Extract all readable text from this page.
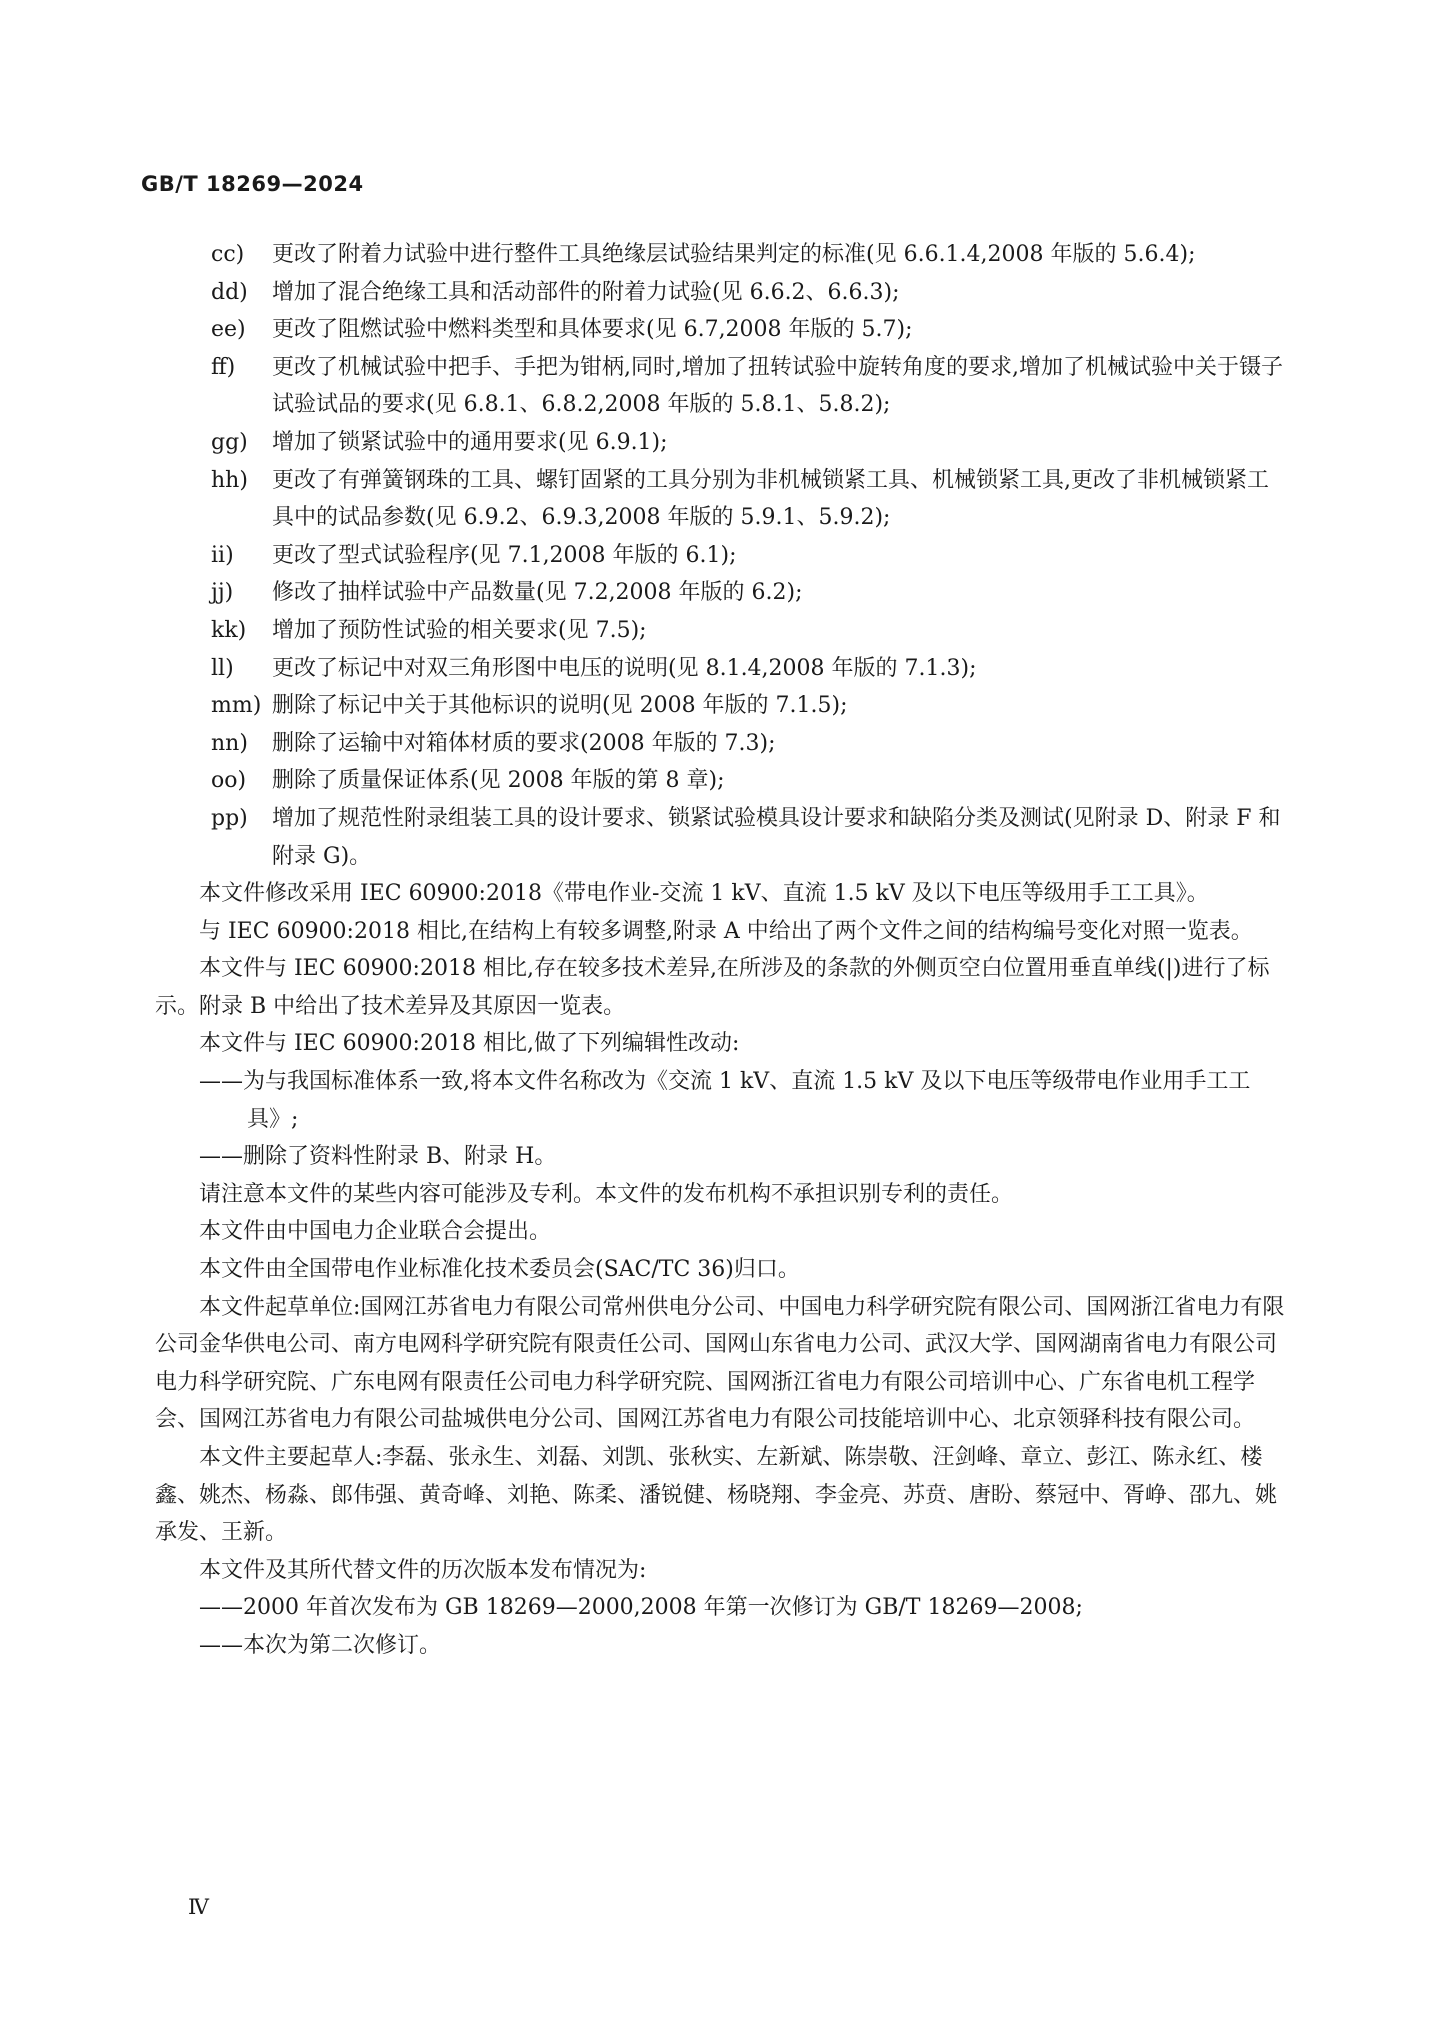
GB/T 18269—2024

cc) 更改了附着力试验中进行整件工具绝缘层试验结果判定的标准(见 6.6.1.4,2008 年版的 5.6.4);

dd) 增加了混合绝缘工具和活动部件的附着力试验(见 6.6.2、6.6.3);

ee) 更改了阻燃试验中燃料类型和具体要求(见 6.7,2008 年版的 5.7);

ff) 更改了机械试验中把手、手把为钳柄,同时,增加了扭转试验中旋转角度的要求,增加了机械试验中关于镊子试验试品的要求(见 6.8.1、6.8.2,2008 年版的 5.8.1、5.8.2);

gg) 增加了锁紧试验中的通用要求(见 6.9.1);

hh) 更改了有弹簧钢珠的工具、螺钉固紧的工具分别为非机械锁紧工具、机械锁紧工具,更改了非机械锁紧工具中的试品参数(见 6.9.2、6.9.3,2008 年版的 5.9.1、5.9.2);

ii) 更改了型式试验程序(见 7.1,2008 年版的 6.1);

jj) 修改了抽样试验中产品数量(见 7.2,2008 年版的 6.2);

kk) 增加了预防性试验的相关要求(见 7.5);

ll) 更改了标记中对双三角形图中电压的说明(见 8.1.4,2008 年版的 7.1.3);

mm) 删除了标记中关于其他标识的说明(见 2008 年版的 7.1.5);

nn) 删除了运输中对箱体材质的要求(2008 年版的 7.3);

oo) 删除了质量保证体系(见 2008 年版的第 8 章);

pp) 增加了规范性附录组装工具的设计要求、锁紧试验模具设计要求和缺陷分类及测试(见附录 D、附录 F 和附录 G)。

本文件修改采用 IEC 60900:2018《带电作业-交流 1 kV、直流 1.5 kV 及以下电压等级用手工工具》。

与 IEC 60900:2018 相比,在结构上有较多调整,附录 A 中给出了两个文件之间的结构编号变化对照一览表。

本文件与 IEC 60900:2018 相比,存在较多技术差异,在所涉及的条款的外侧页空白位置用垂直单线(|)进行了标示。附录 B 中给出了技术差异及其原因一览表。

本文件与 IEC 60900:2018 相比,做了下列编辑性改动:

——为与我国标准体系一致,将本文件名称改为《交流 1 kV、直流 1.5 kV 及以下电压等级带电作业用手工工具》;

——删除了资料性附录 B、附录 H。

请注意本文件的某些内容可能涉及专利。本文件的发布机构不承担识别专利的责任。

本文件由中国电力企业联合会提出。

本文件由全国带电作业标准化技术委员会(SAC/TC 36)归口。

本文件起草单位:国网江苏省电力有限公司常州供电分公司、中国电力科学研究院有限公司、国网浙江省电力有限公司金华供电公司、南方电网科学研究院有限责任公司、国网山东省电力公司、武汉大学、国网湖南省电力有限公司电力科学研究院、广东电网有限责任公司电力科学研究院、国网浙江省电力有限公司培训中心、广东省电机工程学会、国网江苏省电力有限公司盐城供电分公司、国网江苏省电力有限公司技能培训中心、北京领驿科技有限公司。

本文件主要起草人:李磊、张永生、刘磊、刘凯、张秋实、左新斌、陈崇敬、汪剑峰、章立、彭江、陈永红、楼鑫、姚杰、杨淼、郎伟强、黄奇峰、刘艳、陈柔、潘锐健、杨晓翔、李金亮、苏贲、唐盼、蔡冠中、胥峥、邵九、姚承发、王新。

本文件及其所代替文件的历次版本发布情况为:

——2000 年首次发布为 GB 18269—2000,2008 年第一次修订为 GB/T 18269—2008;

——本次为第二次修订。

Ⅳ
